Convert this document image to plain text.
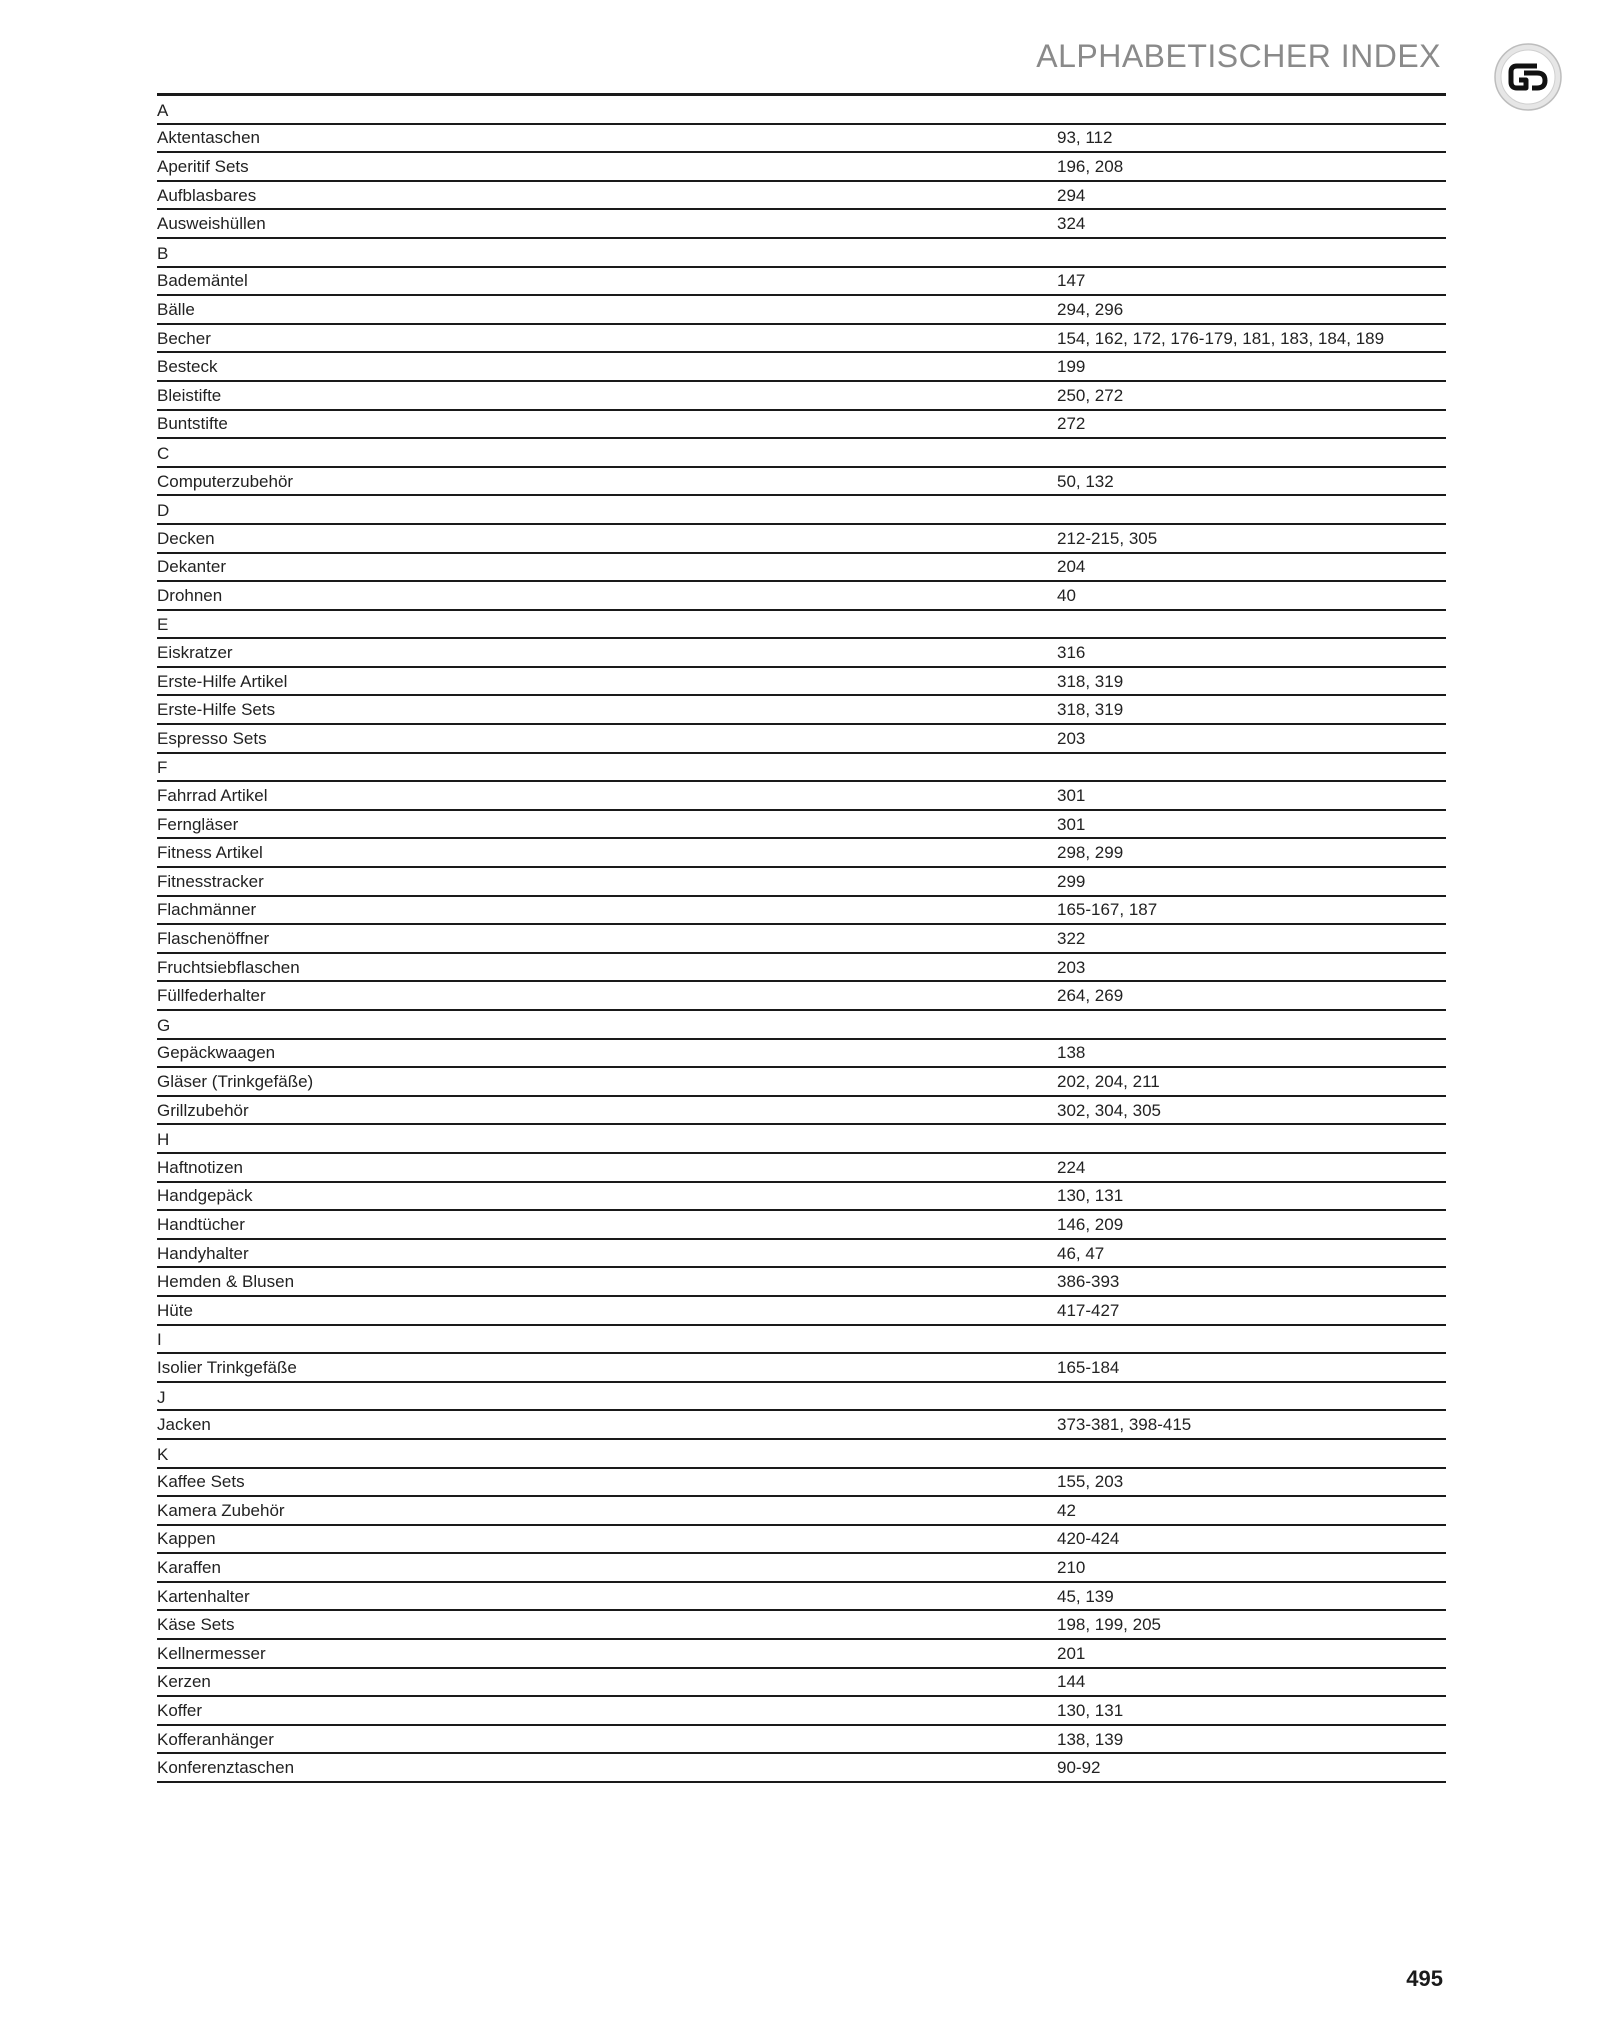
ALPHABETISCHER INDEX
A
Aktentaschen	93, 112
Aperitif Sets	196, 208
Aufblasbares	294
Ausweishüllen	324
B
Bademäntel	147
Bälle	294, 296
Becher	154, 162, 172, 176-179, 181, 183, 184, 189
Besteck	199
Bleistifte	250, 272
Buntstifte	272
C
Computerzubehör	50, 132
D
Decken	212-215, 305
Dekanter	204
Drohnen	40
E
Eiskratzer	316
Erste-Hilfe Artikel	318, 319
Erste-Hilfe Sets	318, 319
Espresso Sets	203
F
Fahrrad Artikel	301
Ferngläser	301
Fitness Artikel	298, 299
Fitnesstracker	299
Flachmänner	165-167, 187
Flaschenöffner	322
Fruchtsiebflaschen	203
Füllfederhalter	264, 269
G
Gepäckwaagen	138
Gläser (Trinkgefäße)	202, 204, 211
Grillzubehör	302, 304, 305
H
Haftnotizen	224
Handgepäck	130, 131
Handtücher	146, 209
Handyhalter	46, 47
Hemden & Blusen	386-393
Hüte	417-427
I
Isolier Trinkgefäße	165-184
J
Jacken	373-381, 398-415
K
Kaffee Sets	155, 203
Kamera Zubehör	42
Kappen	420-424
Karaffen	210
Kartenhalter	45, 139
Käse Sets	198, 199, 205
Kellnermesser	201
Kerzen	144
Koffer	130, 131
Kofferanhänger	138, 139
Konferenztaschen	90-92
495
